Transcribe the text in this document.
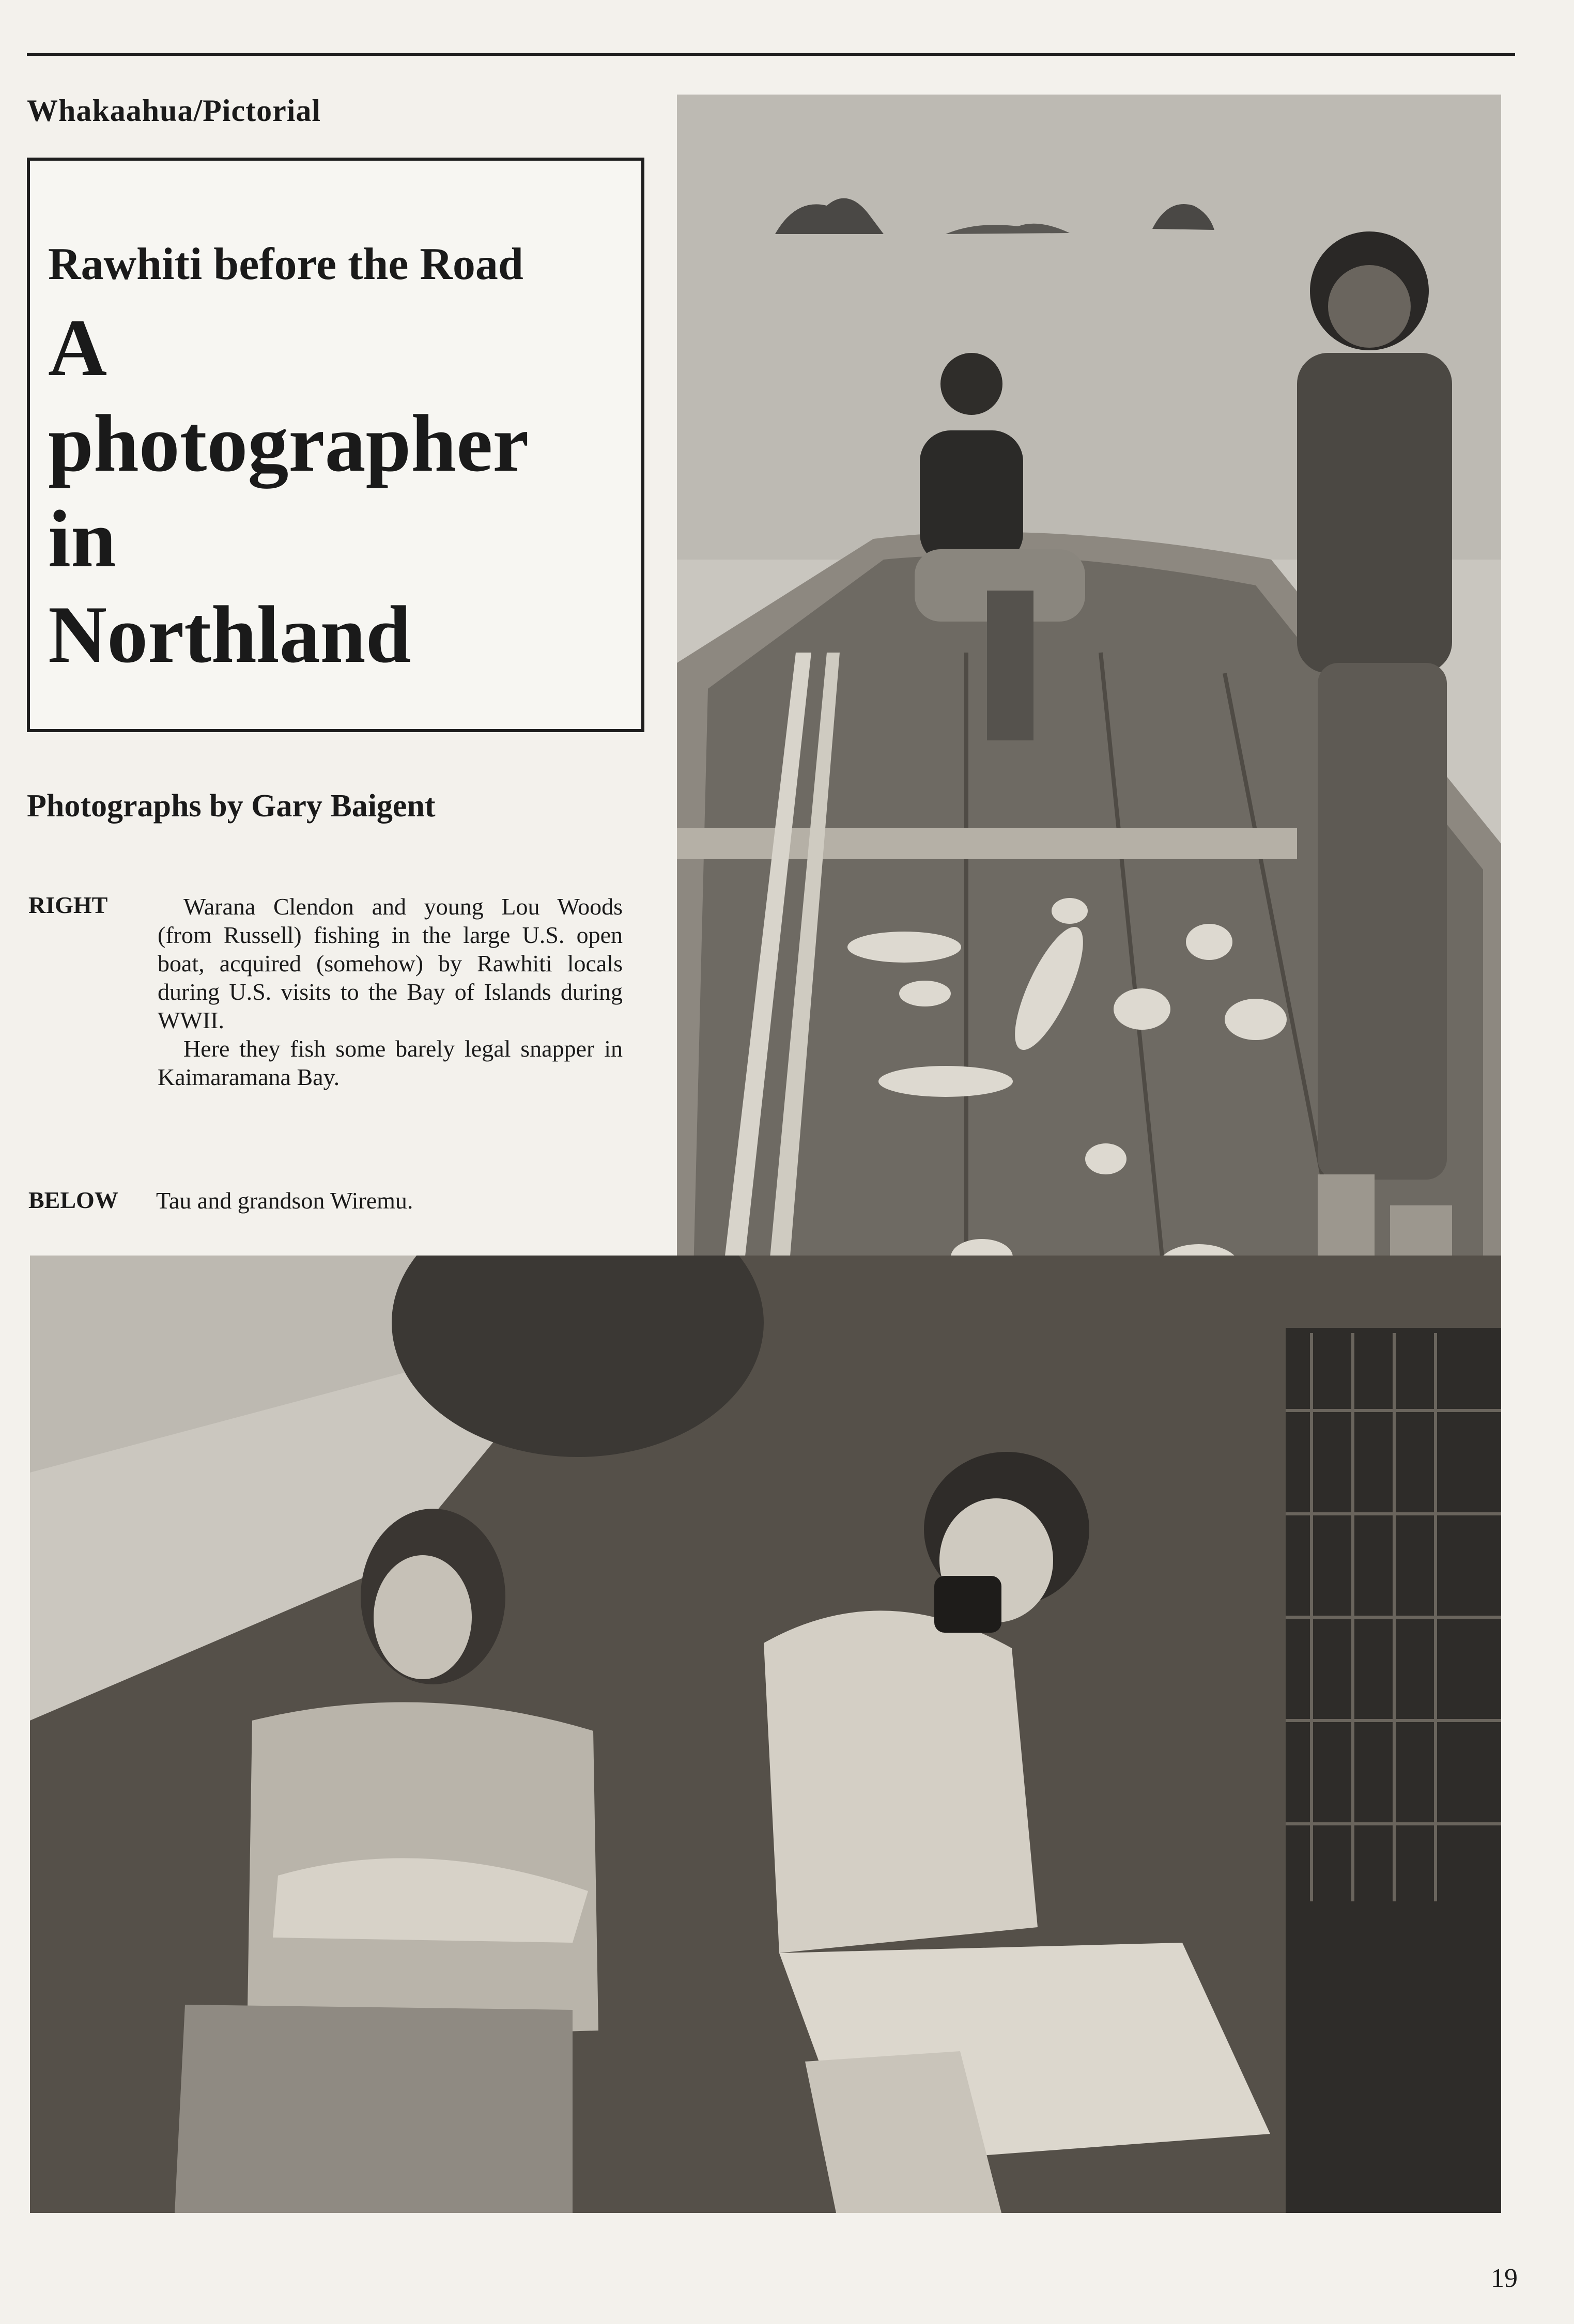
Whakaahua/Pictorial
Rawhiti before the Road
A
photographer
in
Northland
Photographs by Gary Baigent
RIGHT	Warana Clendon and young Lou Woods (from Russell) fishing in the large U.S. open boat, acquired (somehow) by Rawhiti locals during U.S. visits to the Bay of Islands during WWII.

Here they fish some barely legal snapper in Kaimaramana Bay.

BELOW Tau and grandson Wiremu.
19
